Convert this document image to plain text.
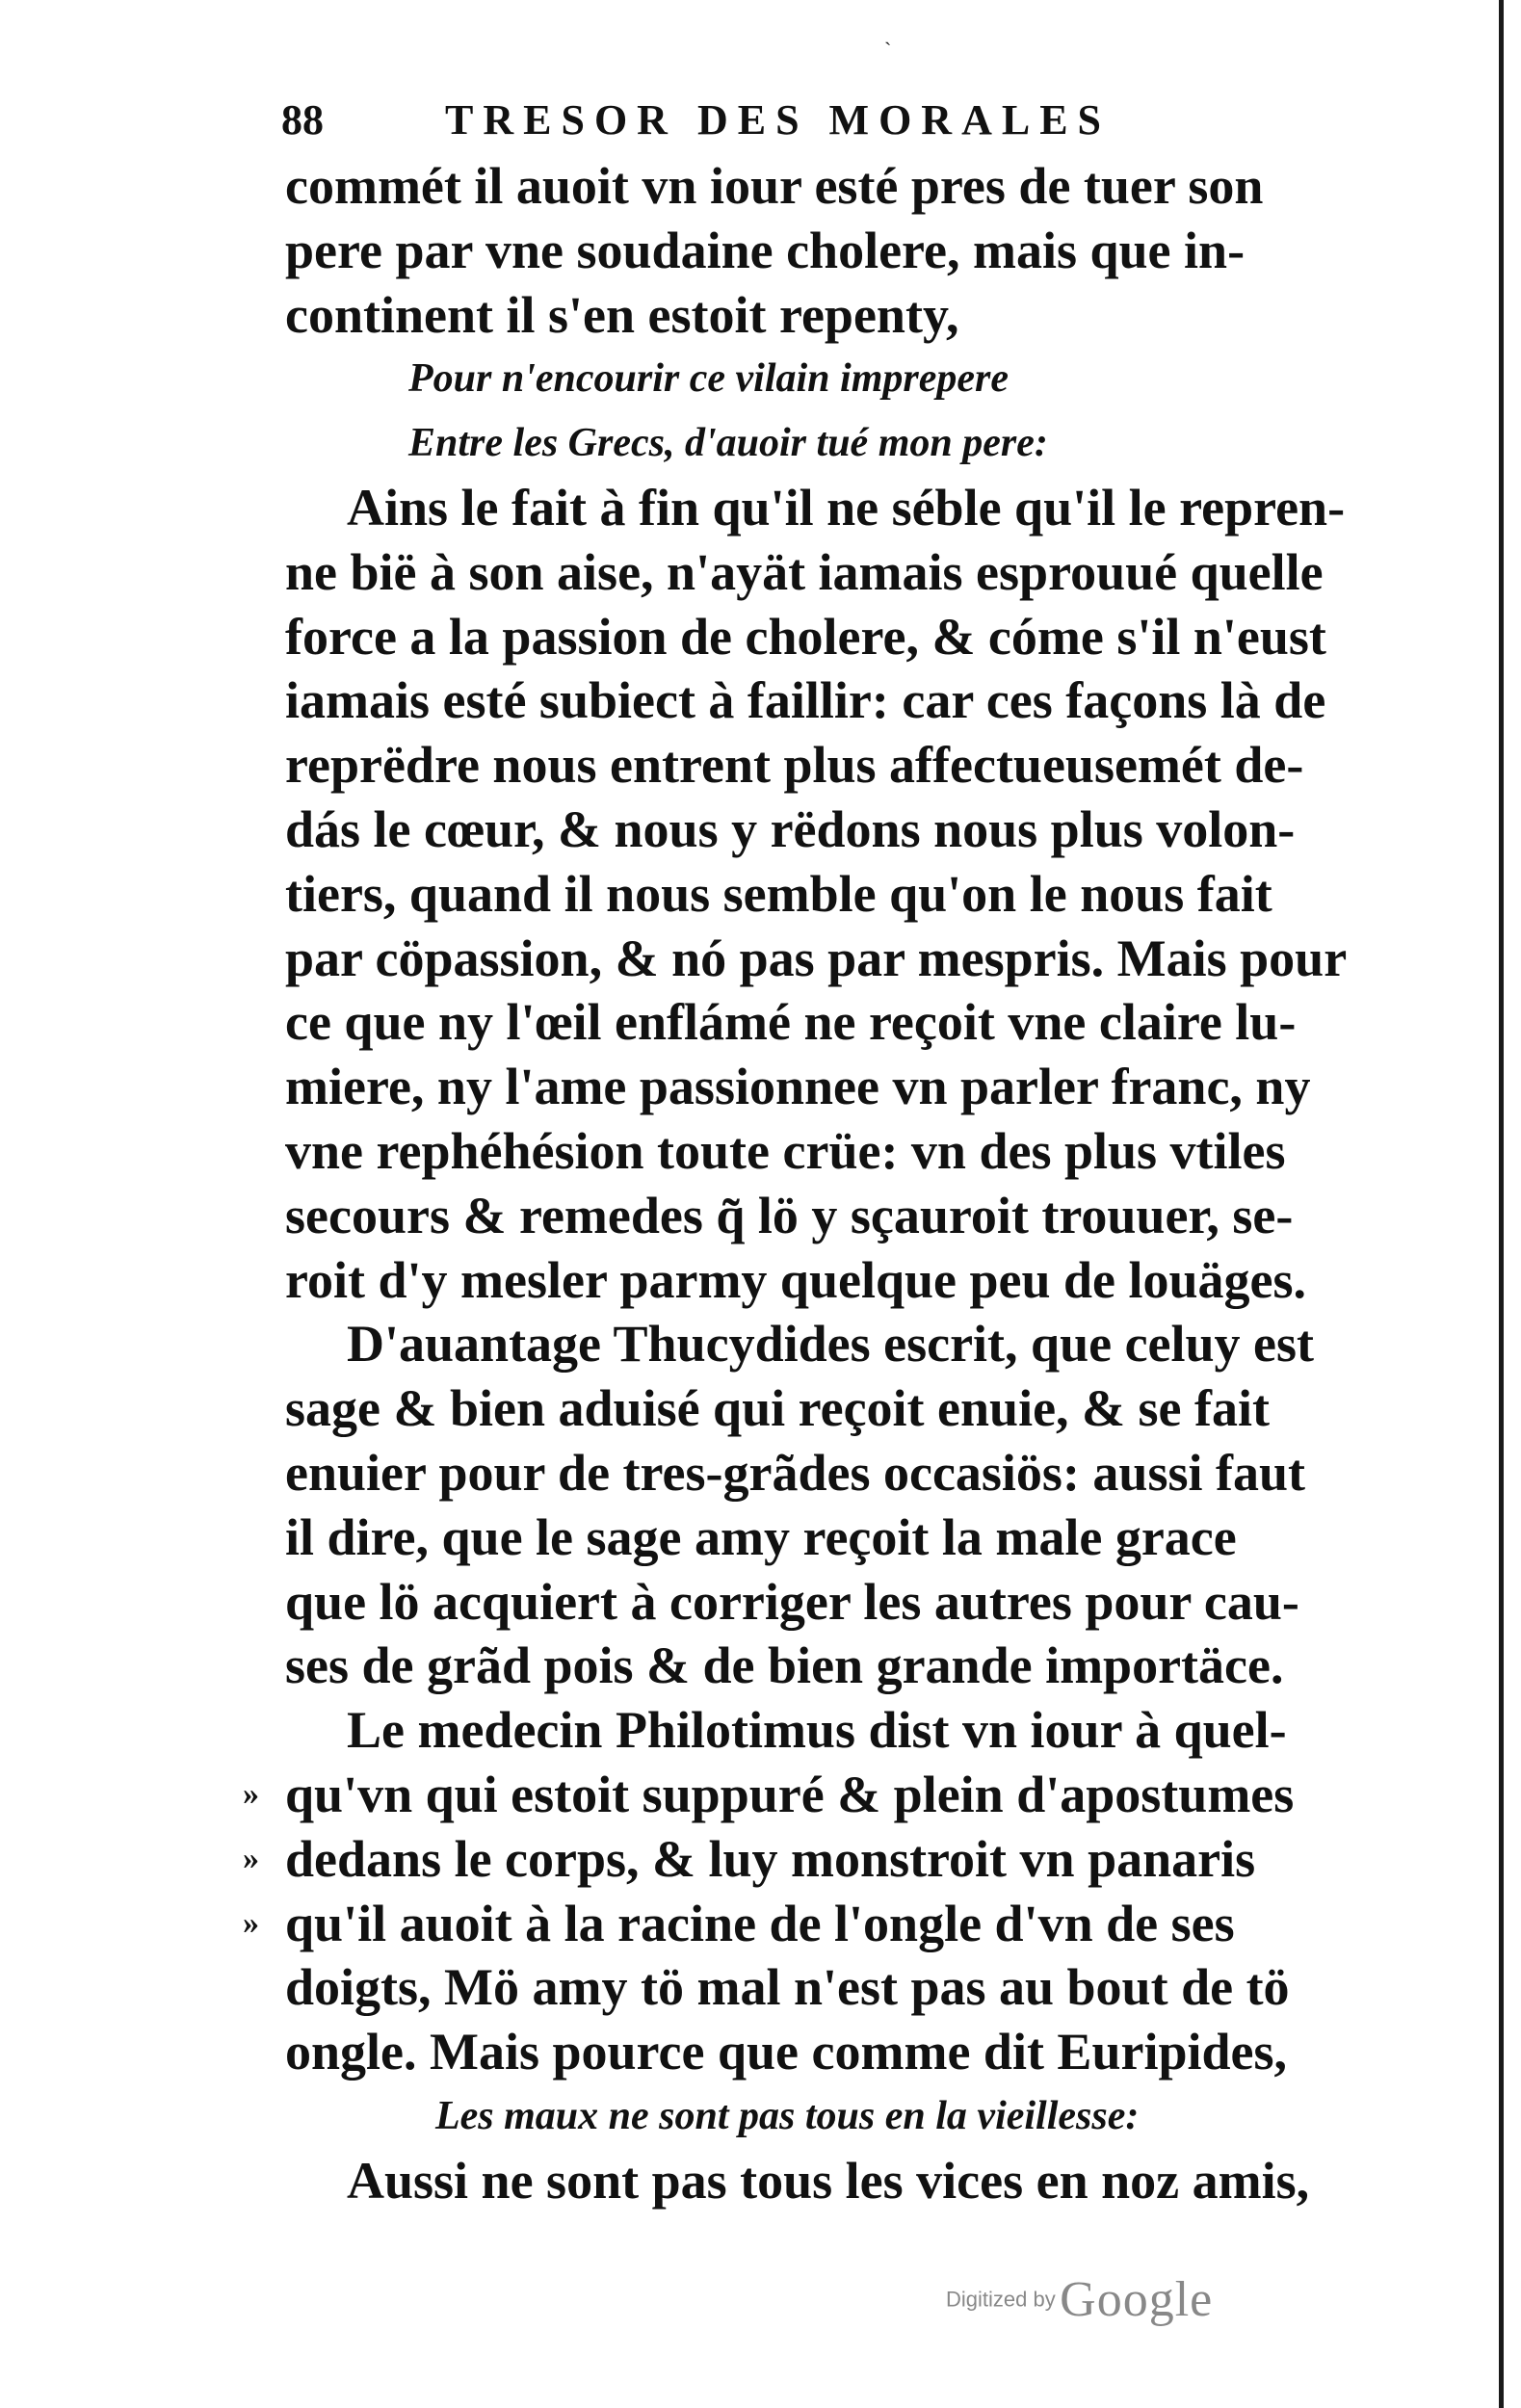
ˎ
88	TRESOR DES MORALES
commét il auoit vn iour esté pres de tuer son
pere par vne soudaine cholere, mais que in-
continent il s'en estoit repenty,
Pour n'encourir ce vilain imprepere
Entre les Grecs, d'auoir tué mon pere:
Ains le fait à fin qu'il ne séble qu'il le repren-
ne bië à son aise, n'ayät iamais esprouué quelle
force a la passion de cholere, & cóme s'il n'eust
iamais esté subiect à faillir: car ces façons là de
reprëdre nous entrent plus affectueusemét de-
dás le cœur, & nous y rëdons nous plus volon-
tiers, quand il nous semble qu'on le nous fait
par cöpassion, & nó pas par mespris. Mais pour
ce que ny l'œil enflámé ne reçoit vne claire lu-
miere, ny l'ame passionnee vn parler franc, ny
vne rephéhésion toute crüe: vn des plus vtiles
secours & remedes q̃ lö y sçauroit trouuer, se-
roit d'y mesler parmy quelque peu de louäges.
D'auantage Thucydides escrit, que celuy est
sage & bien aduisé qui reçoit enuie, & se fait
enuier pour de tres-grãdes occasiös: aussi faut
il dire, que le sage amy reçoit la male grace
que lö acquiert à corriger les autres pour cau-
ses de grãd pois & de bien grande importäce.
Le medecin Philotimus dist vn iour à quel-
» qu'vn qui estoit suppuré & plein d'apostumes
» dedans le corps, & luy monstroit vn panaris
» qu'il auoit à la racine de l'ongle d'vn de ses
doigts, Mö amy tö mal n'est pas au bout de tö
ongle. Mais pource que comme dit Euripides,
Les maux ne sont pas tous en la vieillesse:
Aussi ne sont pas tous les vices en noz amis,
Digitized by Google
